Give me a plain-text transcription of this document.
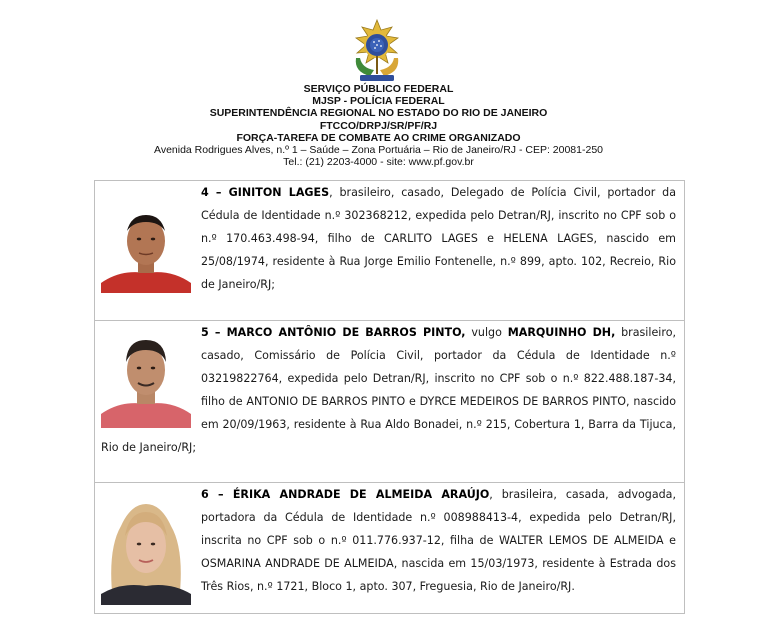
SERVIÇO PÚBLICO FEDERAL
MJSP - POLÍCIA FEDERAL
SUPERINTENDÊNCIA REGIONAL NO ESTADO DO RIO DE JANEIRO
FTCCO/DRPJ/SR/PF/RJ
FORÇA-TAREFA DE COMBATE AO CRIME ORGANIZADO
Avenida Rodrigues Alves, n.º 1 – Saúde – Zona Portuária – Rio de Janeiro/RJ - CEP: 20081-250
Tel.: (21) 2203-4000 - site: www.pf.gov.br
4 – GINITON LAGES, brasileiro, casado, Delegado de Polícia Civil, portador da Cédula de Identidade n.º 302368212, expedida pelo Detran/RJ, inscrito no CPF sob o n.º 170.463.498-94, filho de CARLITO LAGES e HELENA LAGES, nascido em 25/08/1974, residente à Rua Jorge Emilio Fontenelle, n.º 899, apto. 102, Recreio, Rio de Janeiro/RJ;
5 – MARCO ANTÔNIO DE BARROS PINTO, vulgo MARQUINHO DH, brasileiro, casado, Comissário de Polícia Civil, portador da Cédula de Identidade n.º 03219822764, expedida pelo Detran/RJ, inscrito no CPF sob o n.º 822.488.187-34, filho de ANTONIO DE BARROS PINTO e DYRCE MEDEIROS DE BARROS PINTO, nascido em 20/09/1963, residente à Rua Aldo Bonadei, n.º 215, Cobertura 1, Barra da Tijuca, Rio de Janeiro/RJ;
6 – ÉRIKA ANDRADE DE ALMEIDA ARAÚJO, brasileira, casada, advogada, portadora da Cédula de Identidade n.º 008988413-4, expedida pelo Detran/RJ, inscrita no CPF sob o n.º 011.776.937-12, filha de WALTER LEMOS DE ALMEIDA e OSMARINA ANDRADE DE ALMEIDA, nascida em 15/03/1973, residente à Estrada dos Três Rios, n.º 1721, Bloco 1, apto. 307, Freguesia, Rio de Janeiro/RJ.
